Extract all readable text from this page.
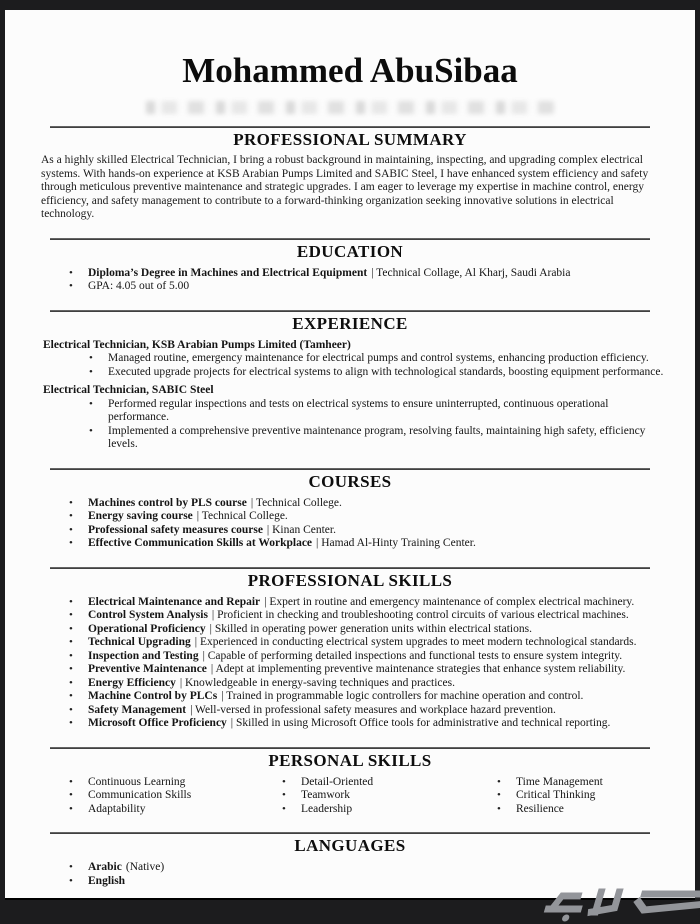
Mohammed AbuSibaa
PROFESSIONAL SUMMARY

As a highly skilled Electrical Technician, I bring a robust background in maintaining, inspecting, and upgrading complex electrical systems. With hands-on experience at KSB Arabian Pumps Limited and SABIC Steel, I have enhanced system efficiency and safety through meticulous preventive maintenance and strategic upgrades. I am eager to leverage my expertise in machine control, energy efficiency, and safety management to contribute to a forward-thinking organization seeking innovative solutions in electrical technology.

EDUCATION
• Diploma’s Degree in Machines and Electrical Equipment | Technical Collage, Al Kharj, Saudi Arabia
• GPA: 4.05 out of 5.00
EXPERIENCE
Electrical Technician, KSB Arabian Pumps Limited (Tamheer)
• Managed routine, emergency maintenance for electrical pumps and control systems, enhancing production efficiency.
• Executed upgrade projects for electrical systems to align with technological standards, boosting equipment performance.
Electrical Technician, SABIC Steel
• Performed regular inspections and tests on electrical systems to ensure uninterrupted, continuous operational performance.
• Implemented a comprehensive preventive maintenance program, resolving faults, maintaining high safety, efficiency levels.
COURSES
• Machines control by PLS course | Technical College.
• Energy saving course | Technical College.
• Professional safety measures course | Kinan Center.
• Effective Communication Skills at Workplace | Hamad Al-Hinty Training Center.
PROFESSIONAL SKILLS
• Electrical Maintenance and Repair | Expert in routine and emergency maintenance of complex electrical machinery.
• Control System Analysis | Proficient in checking and troubleshooting control circuits of various electrical machines.
• Operational Proficiency | Skilled in operating power generation units within electrical stations.
• Technical Upgrading | Experienced in conducting electrical system upgrades to meet modern technological standards.
• Inspection and Testing | Capable of performing detailed inspections and functional tests to ensure system integrity.
• Preventive Maintenance | Adept at implementing preventive maintenance strategies that enhance system reliability.
• Energy Efficiency | Knowledgeable in energy-saving techniques and practices.
• Machine Control by PLCs | Trained in programmable logic controllers for machine operation and control.
• Safety Management | Well-versed in professional safety measures and workplace hazard prevention.
• Microsoft Office Proficiency | Skilled in using Microsoft Office tools for administrative and technical reporting.
PERSONAL SKILLS
• Continuous Learning	• Detail-Oriented	• Time Management
• Communication Skills	• Teamwork	• Critical Thinking
• Adaptability	• Leadership	• Resilience
LANGUAGES
• Arabic (Native)
• English
